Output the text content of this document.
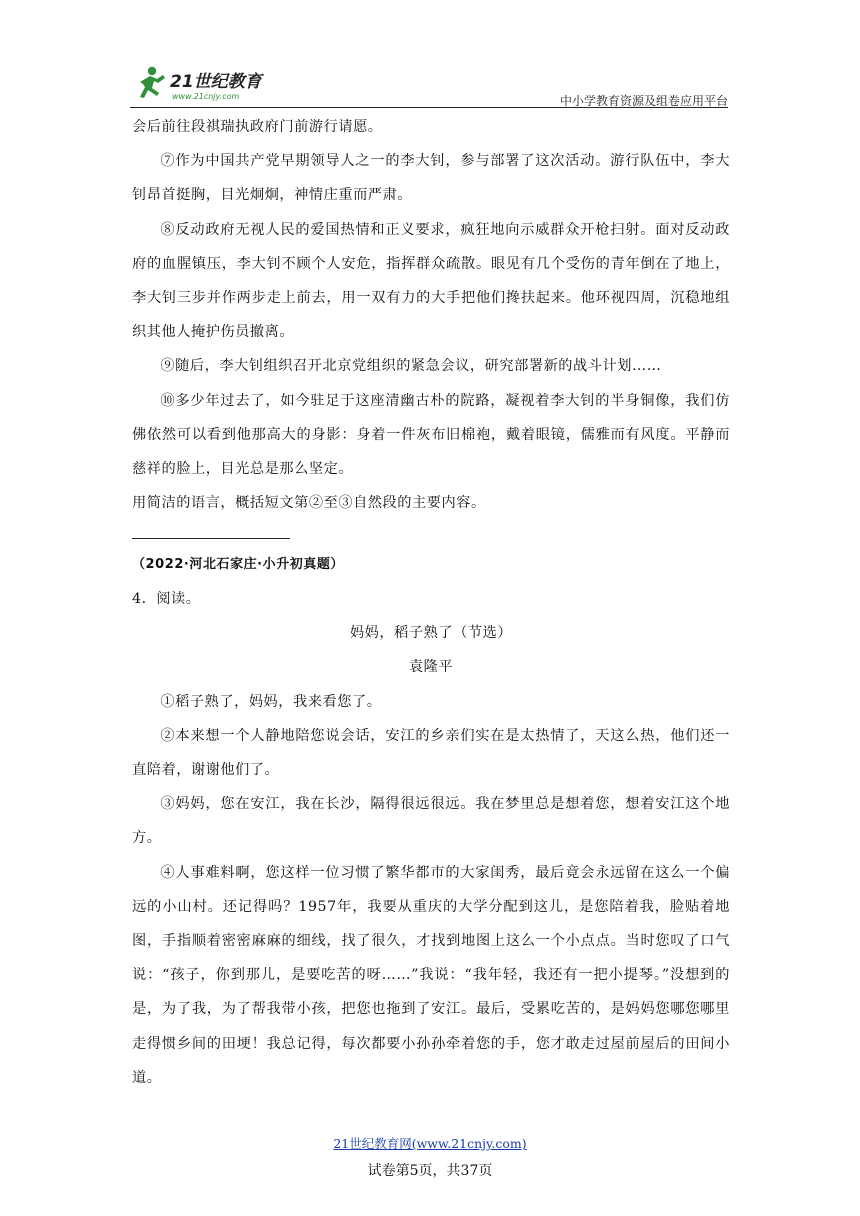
21世纪教育
www.21cnjy.com	中小学教育资源及组卷应用平台

会后前往段祺瑞执政府门前游行请愿。

⑦作为中国共产党早期领导人之一的李大钊，参与部署了这次活动。游行队伍中，李大钊昂首挺胸，目光炯炯，神情庄重而严肃。

⑧反动政府无视人民的爱国热情和正义要求，疯狂地向示威群众开枪扫射。面对反动政府的血腥镇压，李大钊不顾个人安危，指挥群众疏散。眼见有几个受伤的青年倒在了地上，李大钊三步并作两步走上前去，用一双有力的大手把他们搀扶起来。他环视四周，沉稳地组织其他人掩护伤员撤离。

⑨随后，李大钊组织召开北京党组织的紧急会议，研究部署新的战斗计划……

⑩多少年过去了，如今驻足于这座清幽古朴的院路，凝视着李大钊的半身铜像，我们仿佛依然可以看到他那高大的身影：身着一件灰布旧棉袍，戴着眼镜，儒雅而有风度。平静而慈祥的脸上，目光总是那么坚定。

用简洁的语言，概括短文第②至③自然段的主要内容。

（2022·河北石家庄·小升初真题）

4．阅读。

妈妈，稻子熟了（节选）

袁隆平

①稻子熟了，妈妈，我来看您了。

②本来想一个人静地陪您说会话，安江的乡亲们实在是太热情了，天这么热，他们还一直陪着，谢谢他们了。

③妈妈，您在安江，我在长沙，隔得很远很远。我在梦里总是想着您，想着安江这个地方。

④人事难料啊，您这样一位习惯了繁华都市的大家闺秀，最后竟会永远留在这么一个偏远的小山村。还记得吗？1957年，我要从重庆的大学分配到这儿，是您陪着我，脸贴着地图，手指顺着密密麻麻的细线，找了很久，才找到地图上这么一个小点点。当时您叹了口气说：“孩子，你到那儿，是要吃苦的呀……”我说：“我年轻，我还有一把小提琴。”没想到的是，为了我，为了帮我带小孩，把您也拖到了安江。最后，受累吃苦的，是妈妈您哪您哪里走得惯乡间的田埂！我总记得，每次都要小孙孙牵着您的手，您才敢走过屋前屋后的田间小道。

21世纪教育网(www.21cnjy.com)
试卷第5页，共37页
